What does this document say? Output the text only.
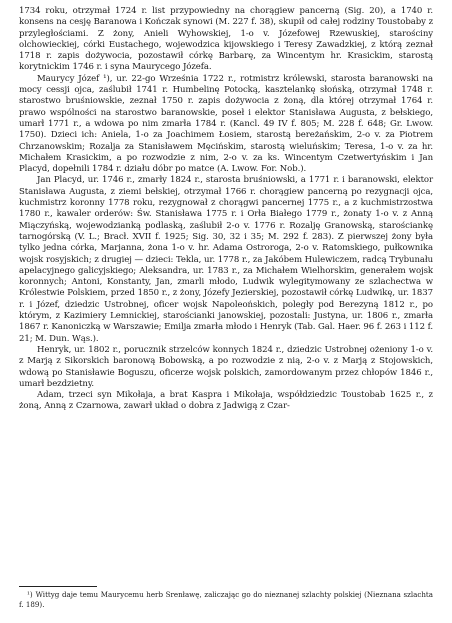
1734 roku, otrzymał 1724 r. list przypowiedny na chorągiew pancerną (Sig. 20), a 1740 r. konsens na cesję Baranowa i Kończak synowi (M. 227 f. 38), skupił od całej rodziny Toustobaby z przyległościami. Z żony, Anieli Wyhowskiej, 1-o v. Józefowej Rzewuskiej, starościny olchowieckiej, córki Eustachego, wojewodzica kijowskiego i Teresy Zawadzkiej, z którą zeznał 1718 r. zapis dożywocia, pozostawił córkę Barbarę, za Wincentym hr. Krasickim, starostą korytnickim 1746 r. i syna Maurycego Józefa.

Maurycy Józef ¹), ur. 22-go Września 1722 r., rotmistrz królewski, starosta baranowski na mocy cessji ojca, zaślubił 1741 r. Humbelinę Potocką, kasztelankę słońską, otrzymał 1748 r. starostwo bruśniowskie, zeznał 1750 r. zapis dożywocia z żoną, dla której otrzymał 1764 r. prawo wspólności na starostwo baranowskie, poseł i elektor Stanisława Augusta, z bełskiego, umarł 1771 r., a wdowa po nim zmarła 1784 r. (Kancl. 49 IV f. 805; M. 228 f. 648; Gr. Lwow. 1750). Dzieci ich: Aniela, 1-o za Joachimem Łosiem, starostą bereżańskim, 2-o v. za Piotrem Chrzanowskim; Rozalja za Stanisławem Męcińskim, starostą wieluńskim; Teresa, 1-o v. za hr. Michałem Krasickim, a po rozwodzie z nim, 2-o v. za ks. Wincentym Czetwertyńskim i Jan Placyd, dopełnili 1784 r. działu dóbr po matce (A. Lwow. For. Nob.).

Jan Placyd, ur. 1746 r., zmarły 1824 r., starosta bruśniowski, a 1771 r. i baranowski, elektor Stanisława Augusta, z ziemi bełskiej, otrzymał 1766 r. chorągiew pancerną po rezygnacji ojca, kuchmistrz koronny 1778 roku, rezygnował z chorągwi pancernej 1775 r., a z kuchmistrzostwa 1780 r., kawaler orderów: Św. Stanisława 1775 r. i Orła Białego 1779 r., żonaty 1-o v. z Anną Miączyńską, wojewodzianką podlaską, zaślubił 2-o v. 1776 r. Rozalję Granowską, starościankę tarnogórską (V. L.; Bracł. XVII f. 1925; Sig. 30, 32 i 35; M. 292 f. 283). Z pierwszej żony była tylko jedna córka, Marjanna, żona 1-o v. hr. Adama Ostroroga, 2-o v. Ratomskiego, pułkownika wojsk rosyjskich; z drugiej — dzieci: Tekla, ur. 1778 r., za Jakóbem Hulewiczem, radcą Trybunału apelacyjnego galicyjskiego; Aleksandra, ur. 1783 r., za Michałem Wielhorskim, generałem wojsk koronnych; Antoni, Konstanty, Jan, zmarli młodo, Ludwik wylegitymowany ze szlachectwa w Królestwie Polskiem, przed 1850 r., z żony, Józefy Jezierskiej, pozostawił córkę Ludwikę, ur. 1837 r. i Józef, dziedzic Ustrobnej, oficer wojsk Napoleońskich, poległy pod Berezyną 1812 r., po którym, z Kazimiery Lemnickiej, starościanki janowskiej, pozostali: Justyna, ur. 1806 r., zmarła 1867 r. Kanoniczką w Warszawie; Emilja zmarła młodo i Henryk (Tab. Gal. Haer. 96 f. 263 i 112 f. 21; M. Dun. Wąs.).

Henryk, ur. 1802 r., porucznik strzelców konnych 1824 r., dziedzic Ustrobnej ożeniony 1-o v. z Marją z Sikorskich baronową Bobowską, a po rozwodzie z nią, 2-o v. z Marją z Stojowskich, wdową po Stanisławie Boguszu, oficerze wojsk polskich, zamordowanym przez chłopów 1846 r., umarł bezdzietny.

Adam, trzeci syn Mikołaja, a brat Kaspra i Mikołaja, współdziedzic Toustobab 1625 r., z żoną, Anną z Czarnowa, zawarł układ o dobra z Jadwigą z Czar-

¹) Wittyg daje temu Maurycemu herb Srenławę, zaliczając go do nieznanej szlachty polskiej (Nieznana szlachta f. 189).
